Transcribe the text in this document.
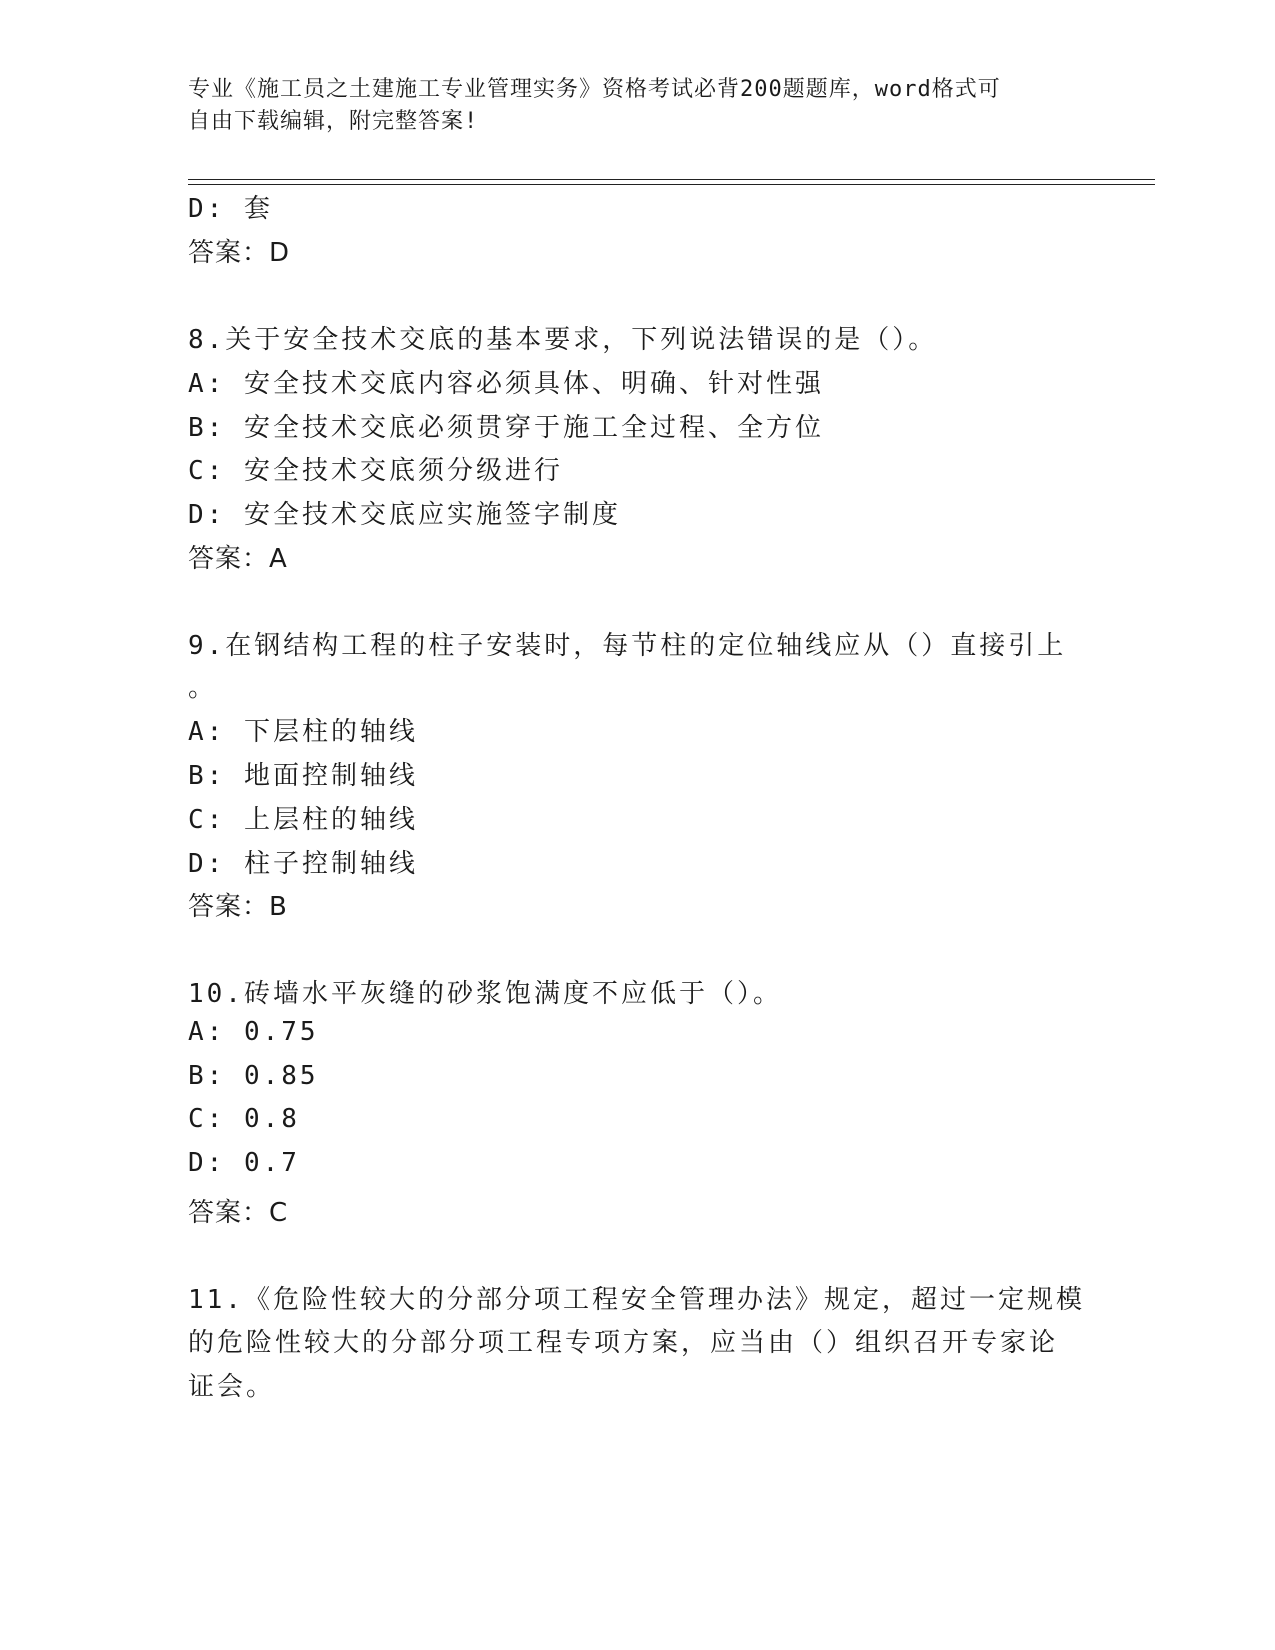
专业《施工员之土建施工专业管理实务》资格考试必背200题题库，word格式可
自由下载编辑，附完整答案!
D: 套
答案：D
8.关于安全技术交底的基本要求，下列说法错误的是（）。
A: 安全技术交底内容必须具体、明确、针对性强
B: 安全技术交底必须贯穿于施工全过程、全方位
C: 安全技术交底须分级进行
D: 安全技术交底应实施签字制度
答案：A
9.在钢结构工程的柱子安装时，每节柱的定位轴线应从（）直接引上
。
A: 下层柱的轴线
B: 地面控制轴线
C: 上层柱的轴线
D: 柱子控制轴线
答案：B
10.砖墙水平灰缝的砂浆饱满度不应低于（）。
A: 0.75
B: 0.85
C: 0.8
D: 0.7
答案：C
11.《危险性较大的分部分项工程安全管理办法》规定，超过一定规模
的危险性较大的分部分项工程专项方案，应当由（）组织召开专家论
证会。
